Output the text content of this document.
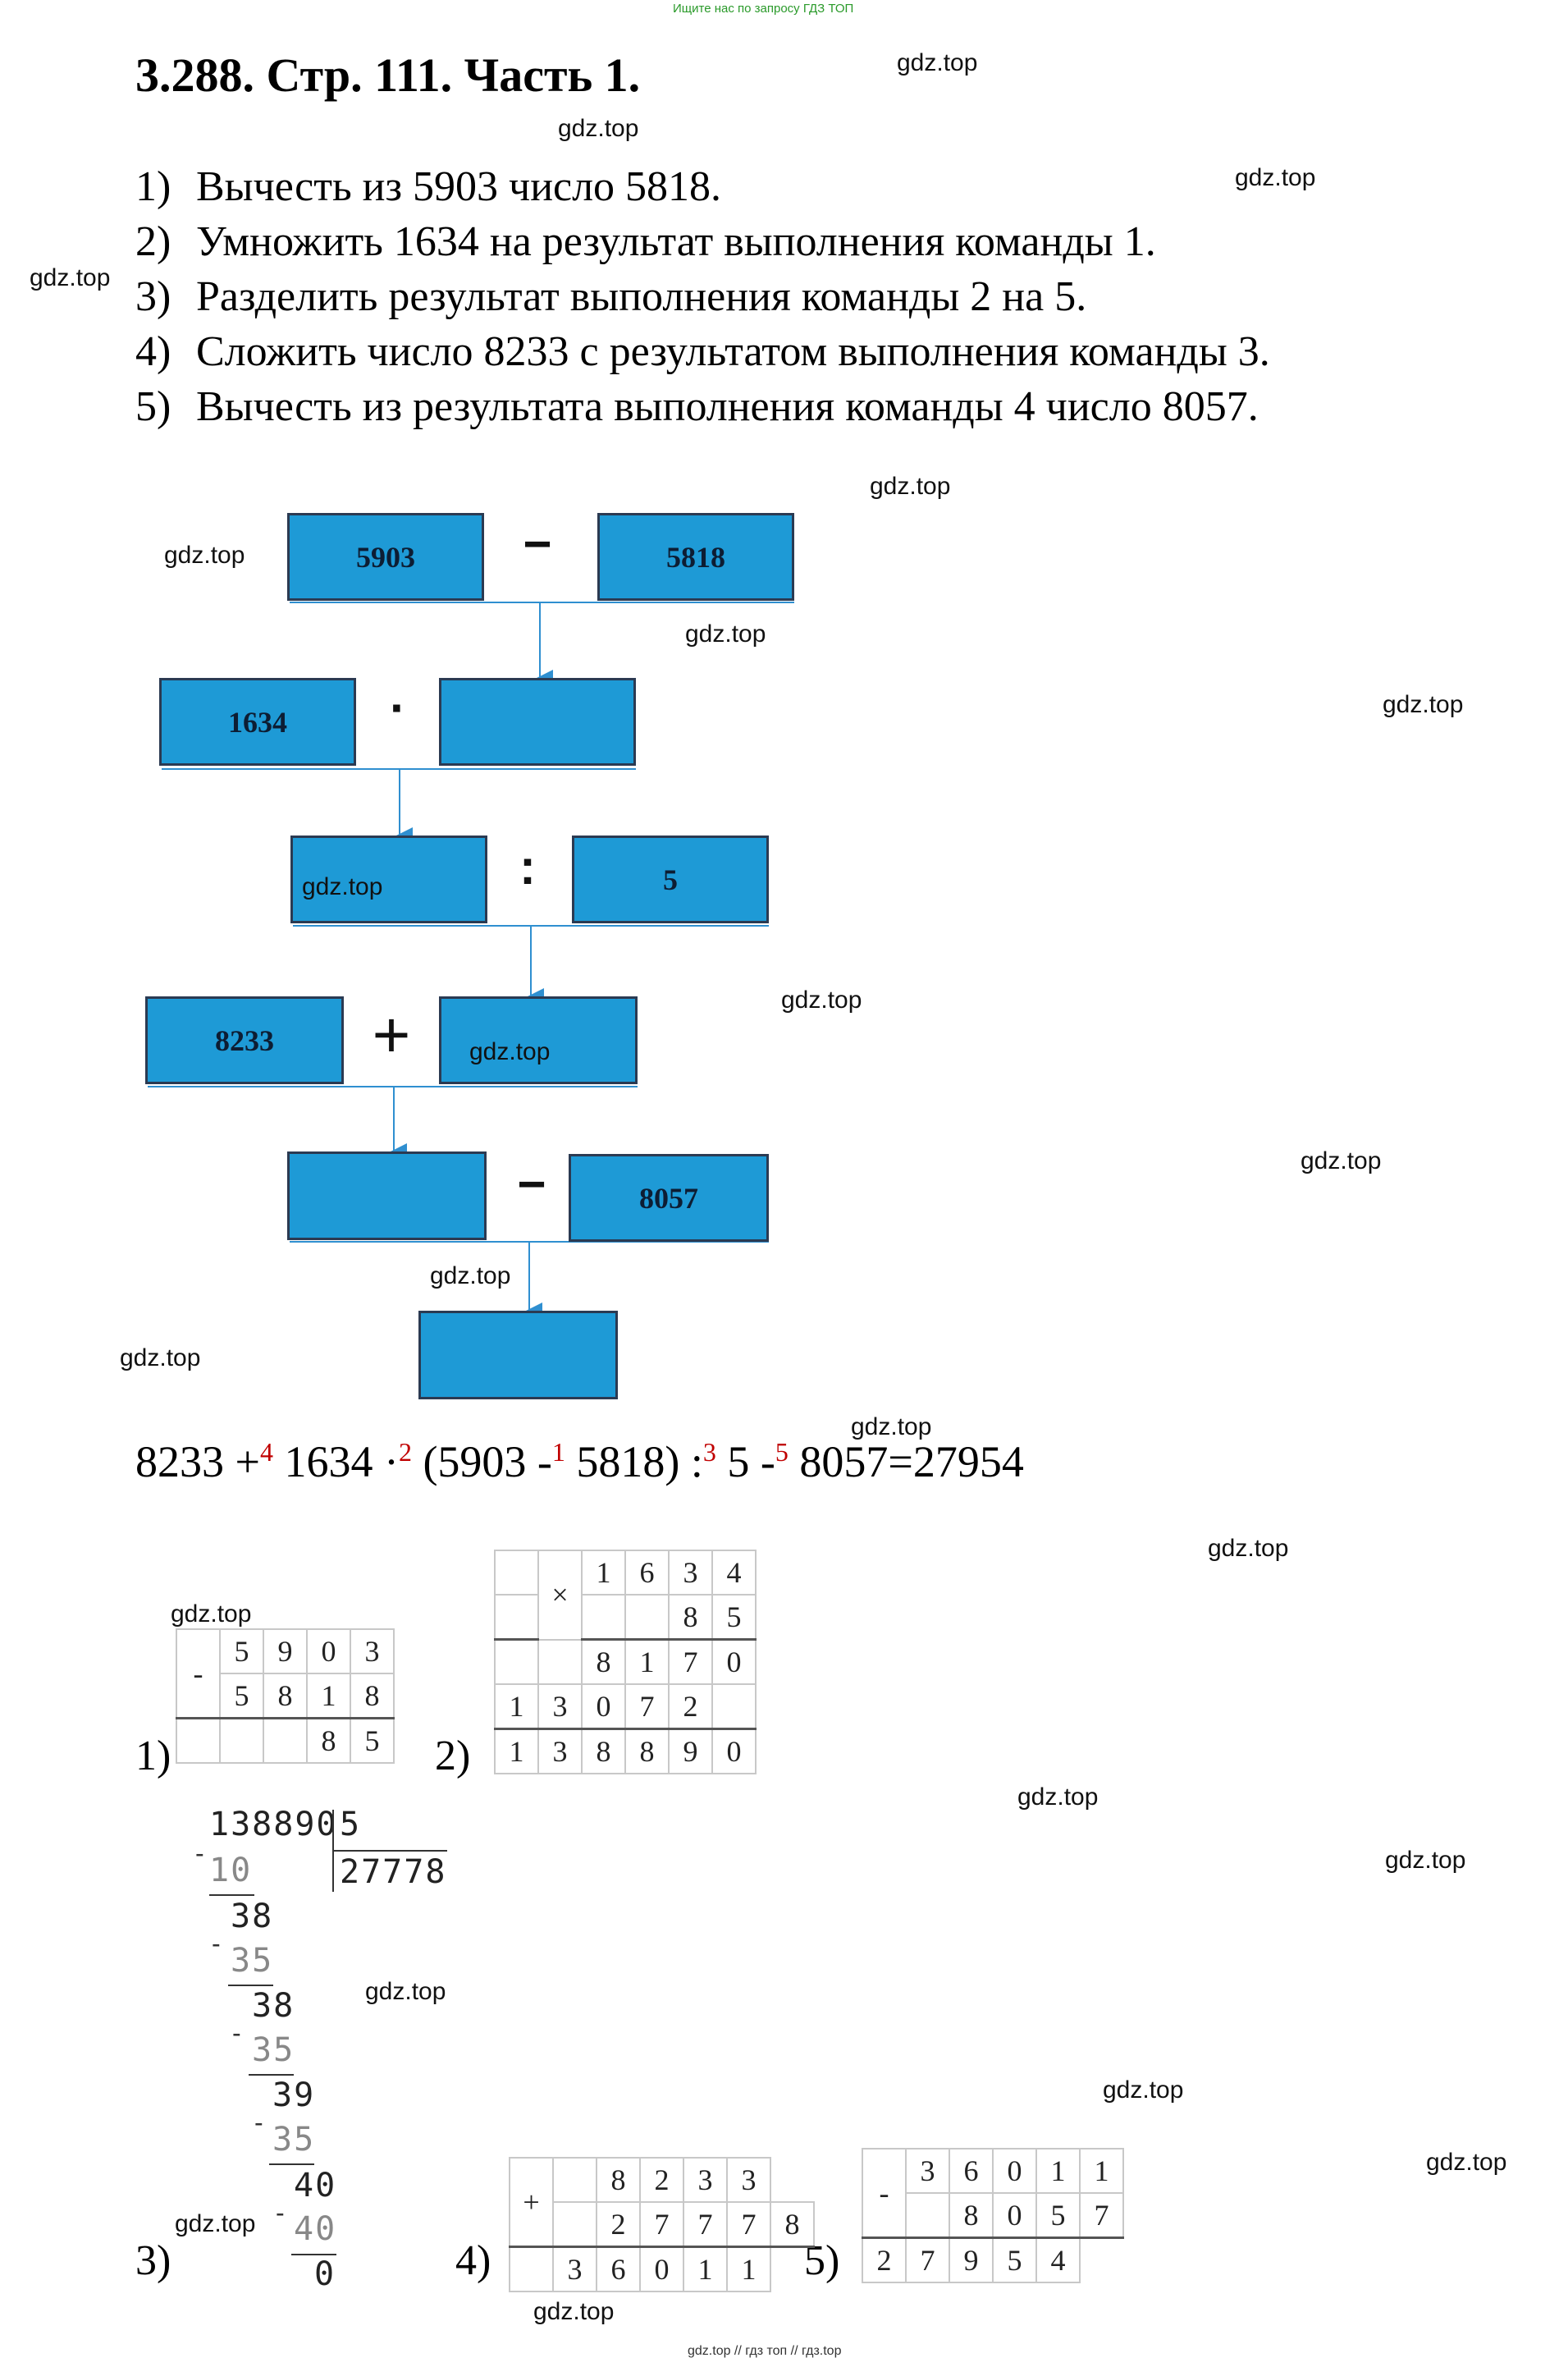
Ищите нас по запросу ГДЗ ТОП
3.288. Стр. 111. Часть 1.
1) Вычесть из 5903 число 5818.
2) Умножить 1634 на результат выполнения команды 1.
3) Разделить результат выполнения команды 2 на 5.
4) Сложить число 8233 с результатом выполнения команды 3.
5) Вычесть из результата выполнения команды 4 число 8057.
5903	−	5818
1634	·
:	5
8233	+
−	8057
8233 +$^4$ 1634 ·$^2$ (5903 -$^1$ 5818) :$^3$ 5 -$^5$ 8057=27954
1)	2)
3)	4)	5)
-	5	9	0	3
	5	8	1	8
			8	5
	×	1	6	3	4
				8	5
		8	1	7	0
1	3	0	7	2	
1	3	8	8	9	0
138890 5
27778
- 10
38
- 35
38
- 35
39
- 35
40
- 40
0
+		8	2	3	3	
		2	7	7	7	8
	3	6	0	1	1	
-	3	6	0	1	1
		8	0	5	7
2	7	9	5	4
gdz.top
gdz.top
gdz.top
gdz.top
gdz.top
gdz.top
gdz.top
gdz.top
gdz.top
gdz.top
gdz.top
gdz.top
gdz.top
gdz.top
gdz.top
gdz.top
gdz.top
gdz.top
gdz.top
gdz.top
gdz.top
gdz.top
gdz.top
gdz.top
gdz.top // гдз топ // гдз.top
